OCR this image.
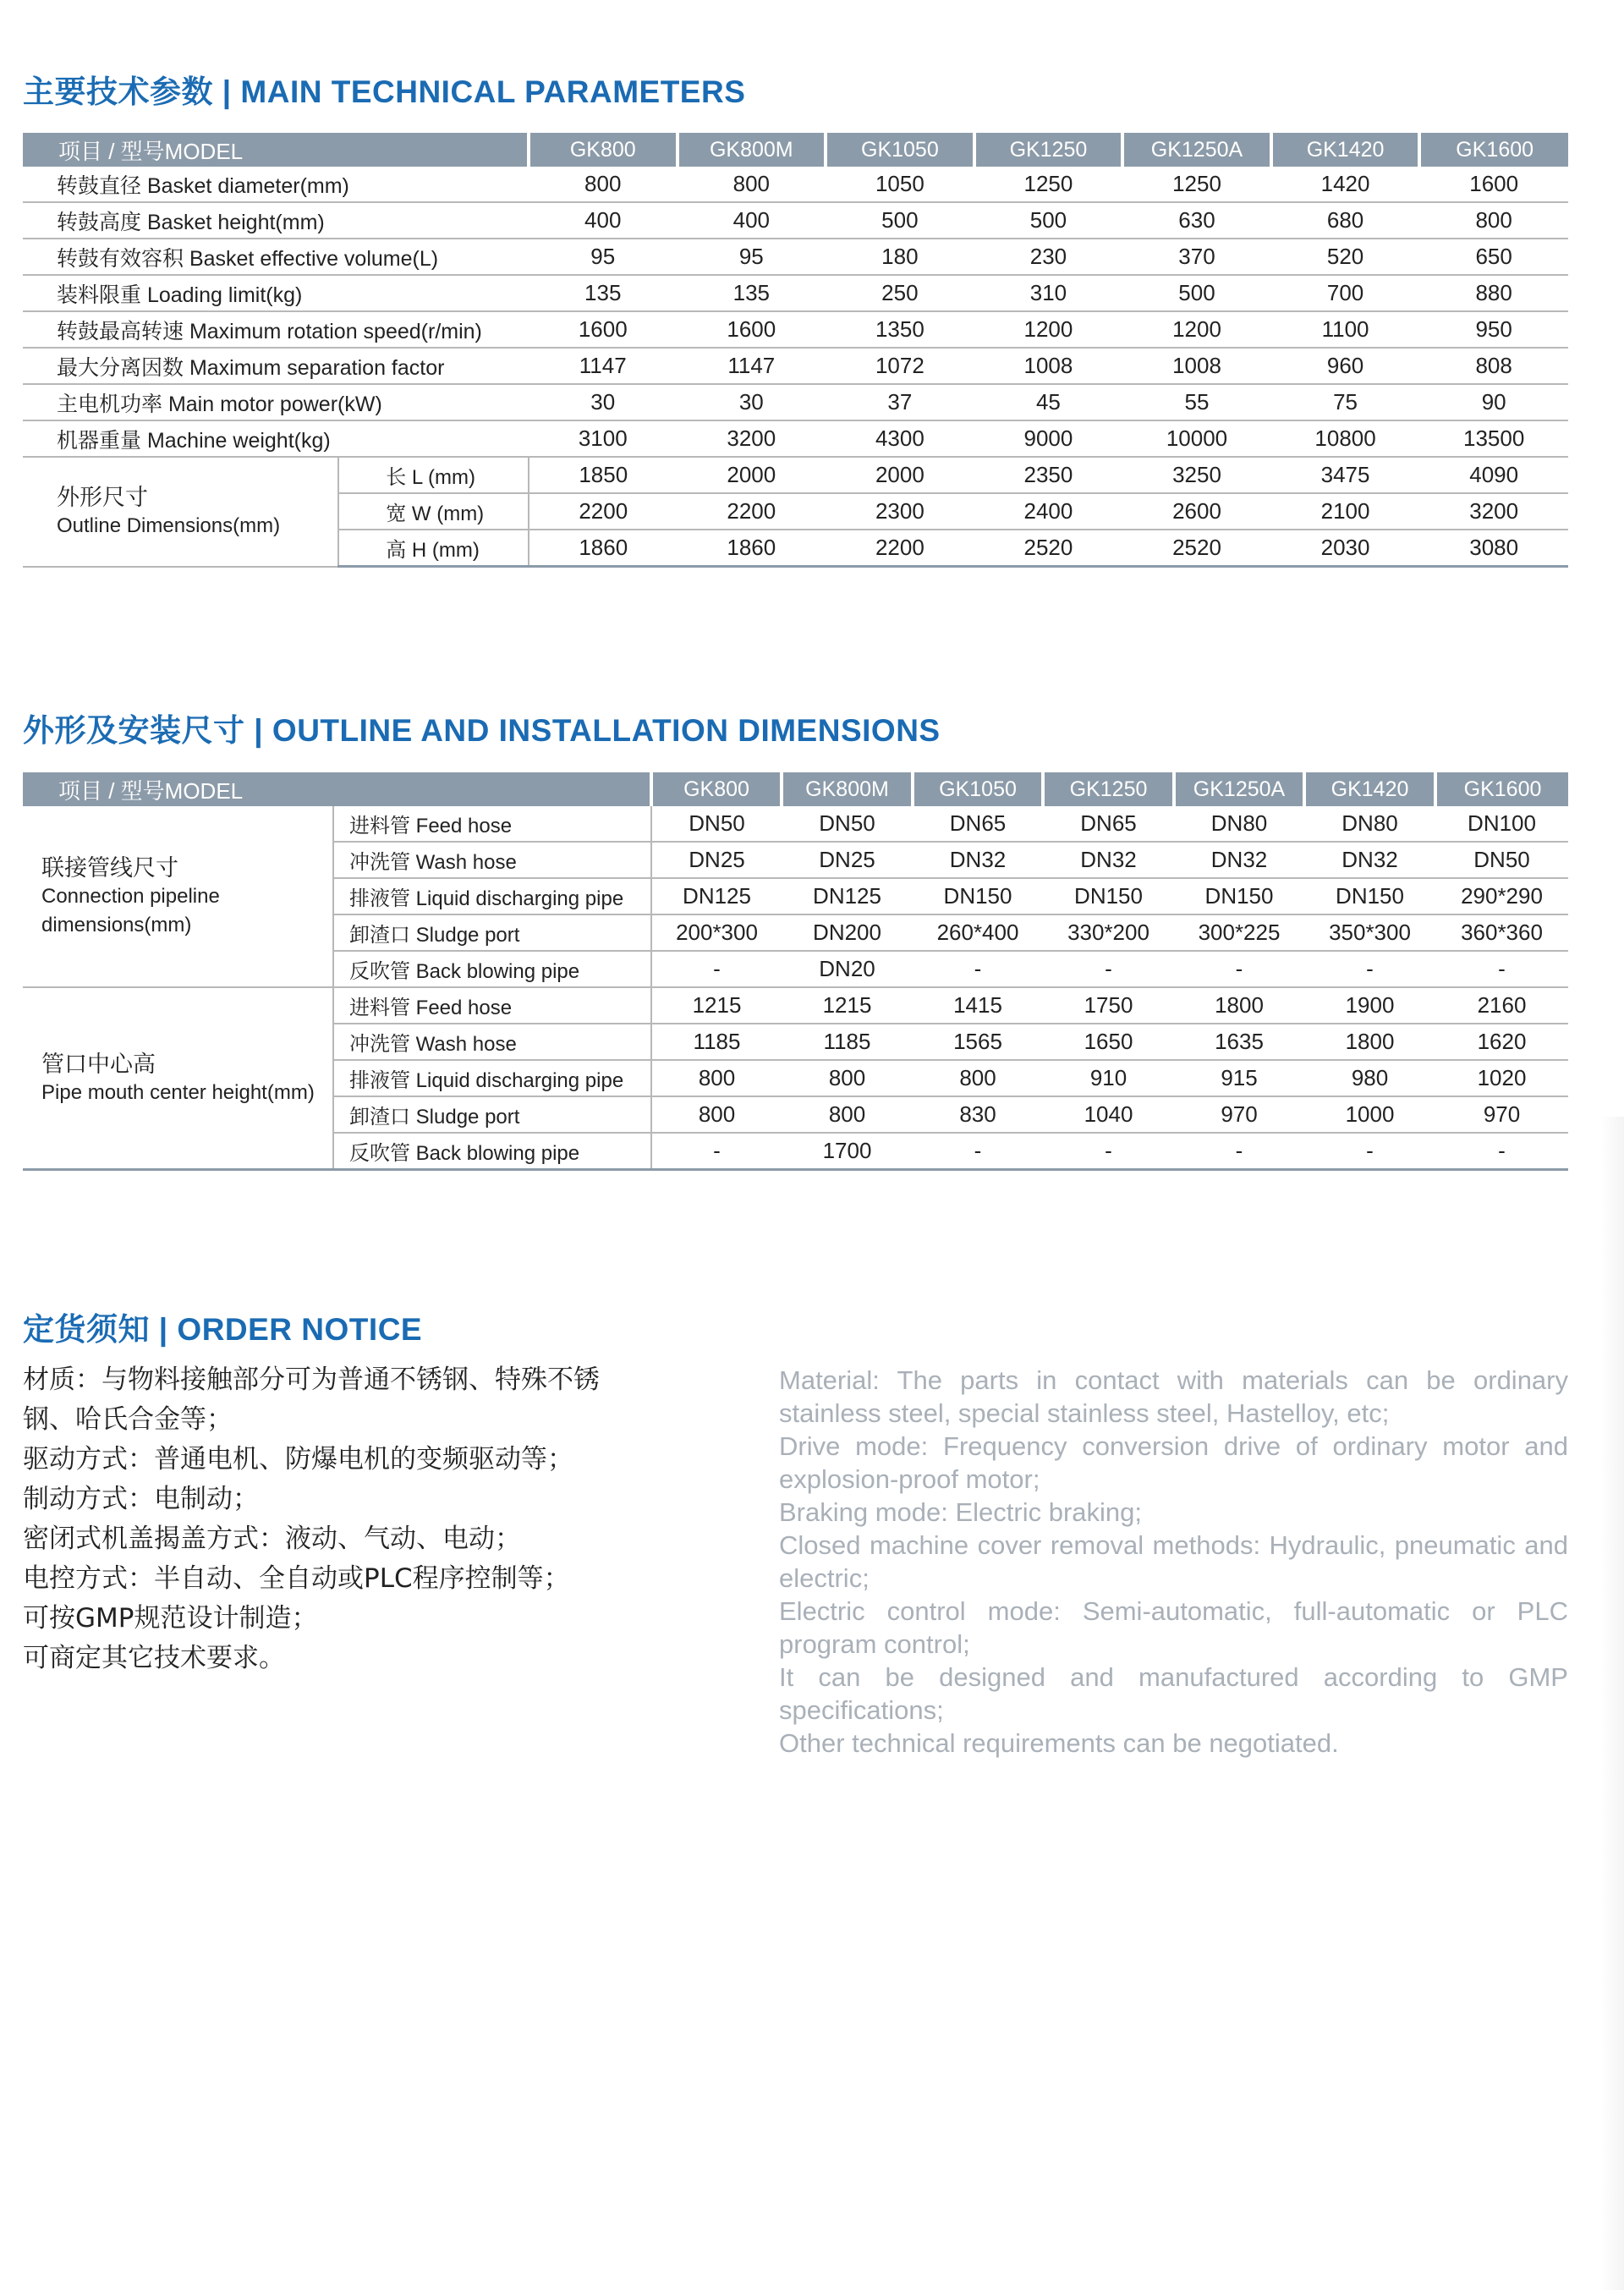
主要技术参数 | MAIN TECHNICAL PARAMETERS
项目 / 型号MODEL		GK800	GK800M	GK1050	GK1250	GK1250A	GK1420	GK1600
转鼓直径 Basket diameter(mm)		800	800	1050	1250	1250	1420	1600
转鼓高度 Basket height(mm)		400	400	500	500	630	680	800
转鼓有效容积 Basket effective volume(L)		95	95	180	230	370	520	650
装料限重 Loading limit(kg)		135	135	250	310	500	700	880
转鼓最高转速 Maximum rotation speed(r/min)		1600	1600	1350	1200	1200	1100	950
最大分离因数 Maximum separation factor		1147	1147	1072	1008	1008	960	808
主电机功率 Main motor power(kW)		30	30	37	45	55	75	90
机器重量 Machine weight(kg)		3100	3200	4300	9000	10000	10800	13500

外形尺寸
Outline Dimensions(mm)	长 L (mm)	1850	2000	2000	2350	3250	3475	4090
	宽 W (mm)	2200	2200	2300	2400	2600	2100	3200
	高 H (mm)	1860	1860	2200	2520	2520	2030	3080
外形及安装尺寸 | OUTLINE AND INSTALLATION DIMENSIONS
项目 / 型号MODEL		GK800	GK800M	GK1050	GK1250	GK1250A	GK1420	GK1600

联接管线尺寸
Connection pipeline
dimensions(mm)	进料管 Feed hose	DN50	DN50	DN65	DN65	DN80	DN80	DN100
	冲洗管 Wash hose	DN25	DN25	DN32	DN32	DN32	DN32	DN50
	排液管 Liquid discharging pipe	DN125	DN125	DN150	DN150	DN150	DN150	290*290
	卸渣口 Sludge port	200*300	DN200	260*400	330*200	300*225	350*300	360*360
	反吹管 Back blowing pipe	-	DN20	-	-	-	-	-

管口中心高
Pipe mouth center height(mm)	进料管 Feed hose	1215	1215	1415	1750	1800	1900	2160
	冲洗管 Wash hose	1185	1185	1565	1650	1635	1800	1620
	排液管 Liquid discharging pipe	800	800	800	910	915	980	1020
	卸渣口 Sludge port	800	800	830	1040	970	1000	970
	反吹管 Back blowing pipe	-	1700	-	-	-	-	-
定货须知 | ORDER NOTICE
材质：与物料接触部分可为普通不锈钢、特殊不锈
钢、哈氏合金等；
驱动方式：普通电机、防爆电机的变频驱动等；
制动方式：电制动；
密闭式机盖揭盖方式：液动、气动、电动；
电控方式：半自动、全自动或PLC程序控制等；
可按GMP规范设计制造；
可商定其它技术要求。
Material: The parts in contact with materials can be ordinary stainless steel, special stainless steel, Hastelloy, etc;
Drive mode: Frequency conversion drive of ordinary motor and explosion-proof motor;
Braking mode: Electric braking;
Closed machine cover removal methods: Hydraulic, pneumatic and electric;
Electric control mode: Semi-automatic, full-automatic or PLC program control;
It can be designed and manufactured according to GMP specifications;
Other technical requirements can be negotiated.
